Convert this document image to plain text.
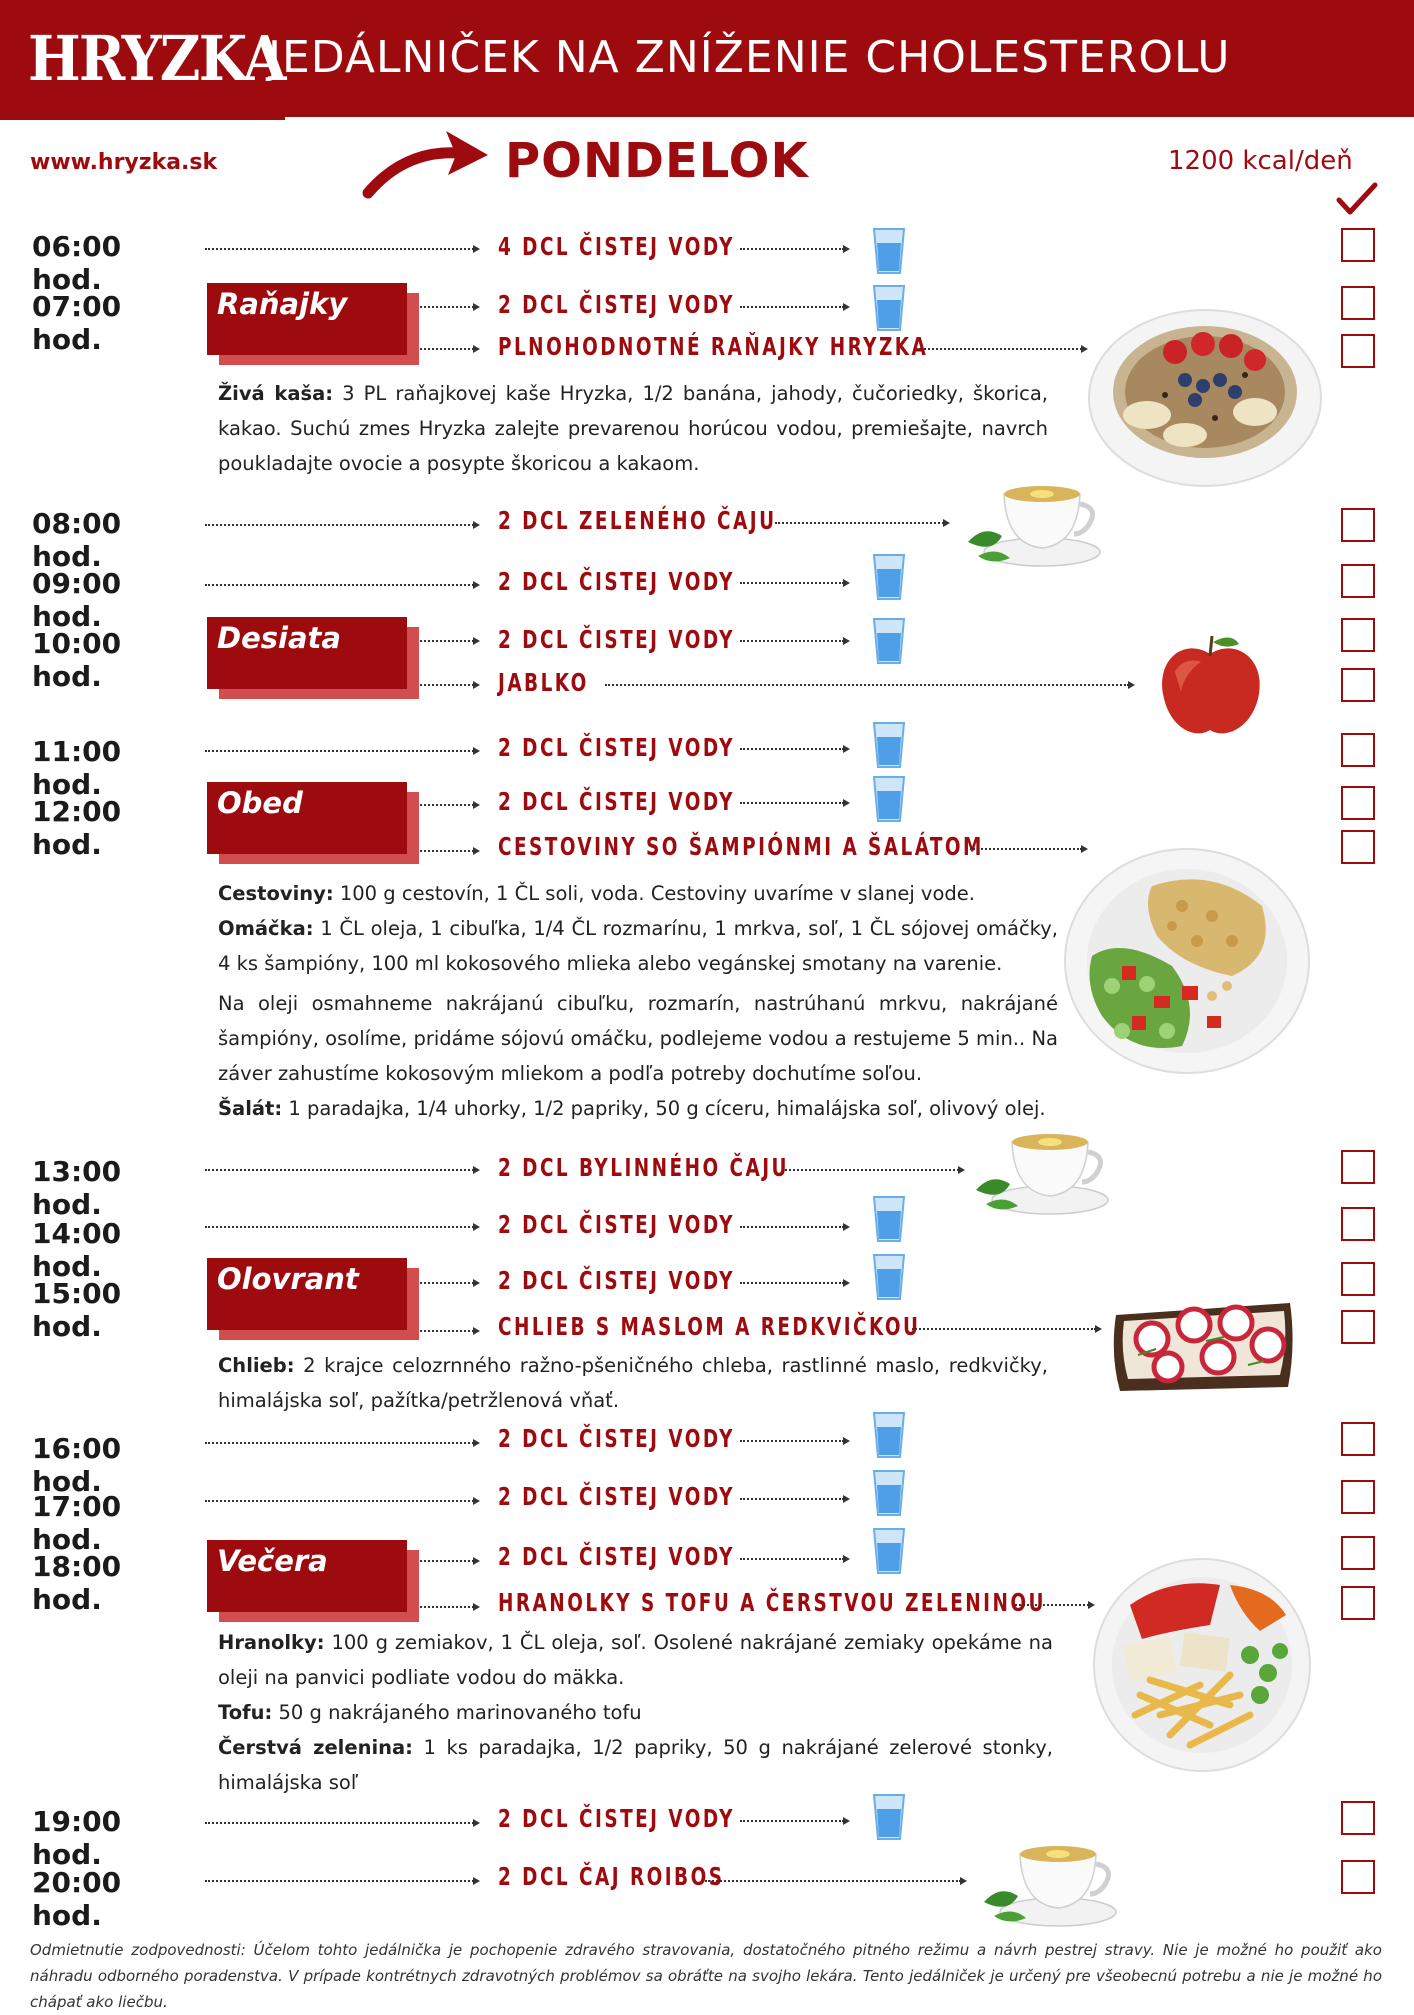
HRYZKA
JEDÁLNIČEK NA ZNÍŽENIE CHOLESTEROLU
www.hryzka.sk	PONDELOK	1200 kcal/deň
06:00 hod.
4 DCL ČISTEJ VODY
07:00 hod.
Raňajky	2 DCL ČISTEJ VODY
PLNOHODNOTNÉ RAŇAJKY HRYZKA

Živá kaša: 3 PL raňajkovej kaše Hryzka, 1/2 banána, jahody, čučoriedky, škorica, kakao. Suchú zmes Hryzka zalejte prevarenou horúcou vodou, premiešajte, navrch poukladajte ovocie a posypte škoricou a kakaom.

08:00 hod.
2 DCL ZELENÉHO ČAJU
09:00 hod.
2 DCL ČISTEJ VODY
10:00 hod.
Desiata	2 DCL ČISTEJ VODY
JABLKO
11:00 hod.
2 DCL ČISTEJ VODY
12:00 hod.
Obed	2 DCL ČISTEJ VODY
CESTOVINY SO ŠAMPIÓNMI A ŠALÁTOM

Cestoviny: 100 g cestovín, 1 ČL soli, voda. Cestoviny uvaríme v slanej vode.

Omáčka: 1 ČL oleja, 1 cibuľka, 1/4 ČL rozmarínu, 1 mrkva, soľ, 1 ČL sójovej omáčky, 4 ks šampióny, 100 ml kokosového mlieka alebo vegánskej smotany na varenie.

Na oleji osmahneme nakrájanú cibuľku, rozmarín, nastrúhanú mrkvu, nakrájané šampióny, osolíme, pridáme sójovú omáčku, podlejeme vodou a restujeme 5 min.. Na záver zahustíme kokosovým mliekom a podľa potreby dochutíme soľou.

Šalát: 1 paradajka, 1/4 uhorky, 1/2 papriky, 50 g cíceru, himalájska soľ, olivový olej.

13:00 hod.
2 DCL BYLINNÉHO ČAJU
14:00 hod.
2 DCL ČISTEJ VODY
15:00 hod.
Olovrant	2 DCL ČISTEJ VODY
CHLIEB S MASLOM A REDKVIČKOU

Chlieb: 2 krajce celozrnného ražno-pšeničného chleba, rastlinné maslo, redkvičky, himalájska soľ, pažítka/petržlenová vňať.

16:00 hod.
2 DCL ČISTEJ VODY
17:00 hod.
2 DCL ČISTEJ VODY
18:00 hod.
Večera	2 DCL ČISTEJ VODY
HRANOLKY S TOFU A ČERSTVOU ZELENINOU

Hranolky: 100 g zemiakov, 1 ČL oleja, soľ. Osolené nakrájané zemiaky opekáme na oleji na panvici podliate vodou do mäkka.

Tofu: 50 g nakrájaného marinovaného tofu

Čerstvá zelenina: 1 ks paradajka, 1/2 papriky, 50 g nakrájané zelerové stonky, himalájska soľ

19:00 hod.
2 DCL ČISTEJ VODY
20:00 hod.
2 DCL ČAJ ROIBOS
Odmietnutie zodpovednosti: Účelom tohto jedálnička je pochopenie zdravého stravovania, dostatočného pitného režimu a návrh pestrej stravy. Nie je možné ho použiť ako náhradu odborného poradenstva. V prípade kontrétnych zdravotných problémov sa obráťte na svojho lekára. Tento jedálniček je určený pre všeobecnú potrebu a nie je možné ho chápať ako liečbu.
